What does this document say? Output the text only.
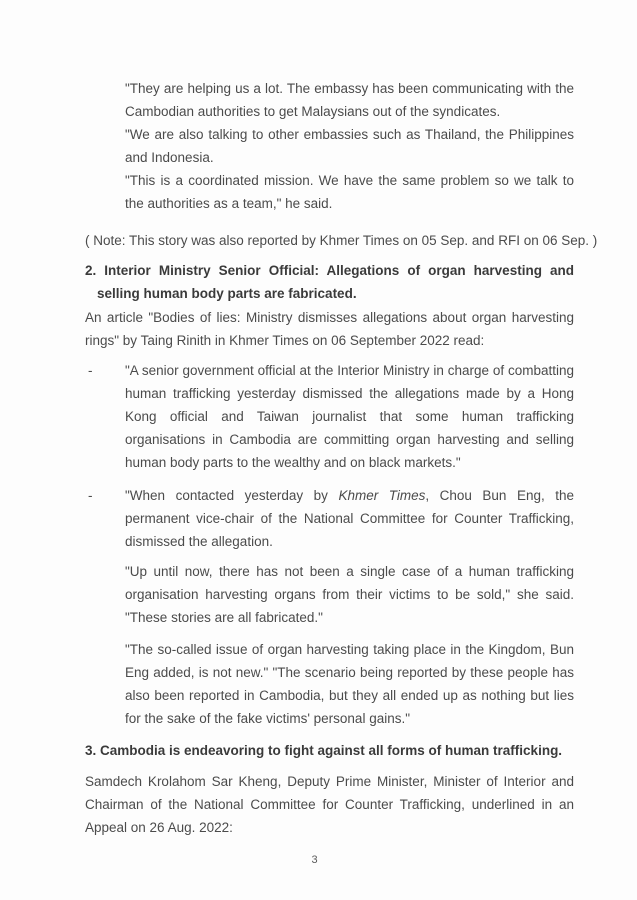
"They are helping us a lot. The embassy has been communicating with the Cambodian authorities to get Malaysians out of the syndicates.

"We are also talking to other embassies such as Thailand, the Philippines and Indonesia.

"This is a coordinated mission. We have the same problem so we talk to the authorities as a team," he said.

( Note: This story was also reported by Khmer Times on 05 Sep. and RFI on 06 Sep. )

2. Interior Ministry Senior Official: Allegations of organ harvesting and selling human body parts are fabricated.

An article "Bodies of lies: Ministry dismisses allegations about organ harvesting rings" by Taing Rinith in Khmer Times on 06 September 2022 read:

- "A senior government official at the Interior Ministry in charge of combatting human trafficking yesterday dismissed the allegations made by a Hong Kong official and Taiwan journalist that some human trafficking organisations in Cambodia are committing organ harvesting and selling human body parts to the wealthy and on black markets."

- "When contacted yesterday by Khmer Times, Chou Bun Eng, the permanent vice-chair of the National Committee for Counter Trafficking, dismissed the allegation.

"Up until now, there has not been a single case of a human trafficking organisation harvesting organs from their victims to be sold," she said. "These stories are all fabricated."

"The so-called issue of organ harvesting taking place in the Kingdom, Bun Eng added, is not new." "The scenario being reported by these people has also been reported in Cambodia, but they all ended up as nothing but lies for the sake of the fake victims' personal gains."

3. Cambodia is endeavoring to fight against all forms of human trafficking.

Samdech Krolahom Sar Kheng, Deputy Prime Minister, Minister of Interior and Chairman of the National Committee for Counter Trafficking, underlined in an Appeal on 26 Aug. 2022:

3
